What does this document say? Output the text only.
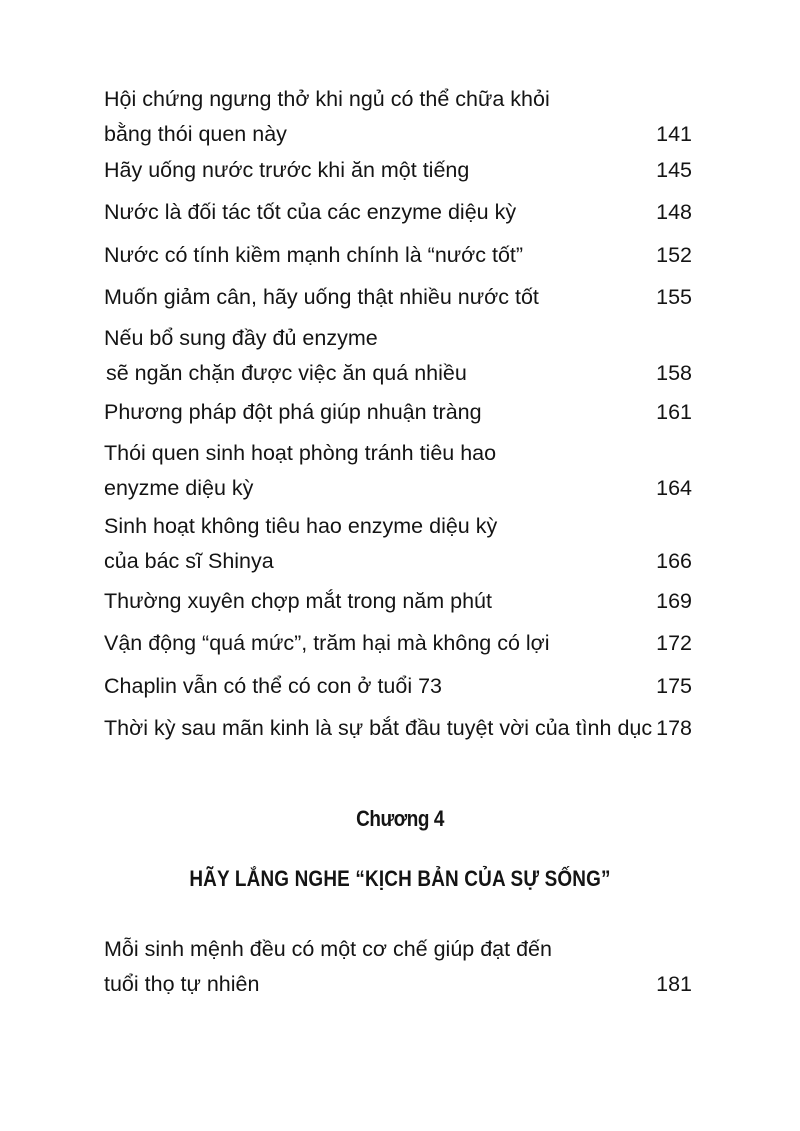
Hội chứng ngưng thở khi ngủ có thể chữa khỏi
bằng thói quen này	141
Hãy uống nước trước khi ăn một tiếng	145
Nước là đối tác tốt của các enzyme diệu kỳ	148
Nước có tính kiềm mạnh chính là “nước tốt”	152
Muốn giảm cân, hãy uống thật nhiều nước tốt	155
Nếu bổ sung đầy đủ enzyme
sẽ ngăn chặn được việc ăn quá nhiều	158
Phương pháp đột phá giúp nhuận tràng	161
Thói quen sinh hoạt phòng tránh tiêu hao
enyzme diệu kỳ	164
Sinh hoạt không tiêu hao enzyme diệu kỳ
của bác sĩ Shinya	166
Thường xuyên chợp mắt trong năm phút	169
Vận động “quá mức”, trăm hại mà không có lợi	172
Chaplin vẫn có thể có con ở tuổi 73	175
Thời kỳ sau mãn kinh là sự bắt đầu tuyệt vời của tình dục 178
Chương 4
HÃY LẮNG NGHE “KỊCH BẢN CỦA SỰ SỐNG”
Mỗi sinh mệnh đều có một cơ chế giúp đạt đến
tuổi thọ tự nhiên	181
